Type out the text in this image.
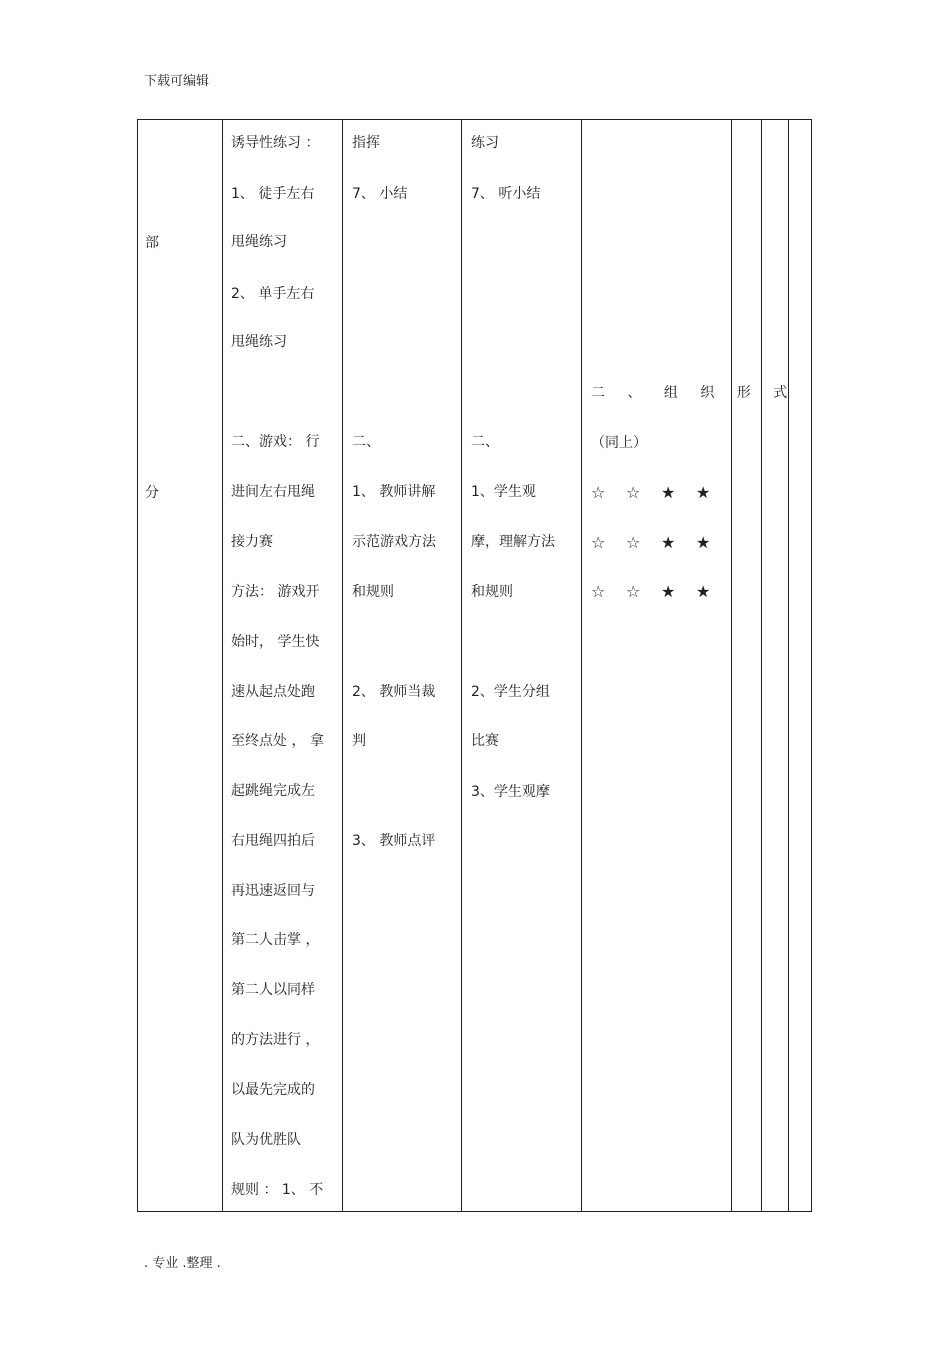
下载可编辑
部
分
诱导性练习 ：
1、 徒手左右
甩绳练习
2、 单手左右
甩绳练习
二、游戏： 行
进间左右甩绳
接力赛
方法： 游戏开
始时， 学生快
速从起点处跑
至终点处 ， 拿
起跳绳完成左
右甩绳四拍后
再迅速返回与
第二人击掌 ，
第二人以同样
的方法进行 ，
以最先完成的
队为优胜队
规则 ： 1、 不
指挥
7、 小结
二、
1、 教师讲解
示范游戏方法
和规则
2、 教师当裁
判
3、 教师点评
练习
7、 听小结
二、
1、学生观
摩，理解方法
和规则
2、学生分组
比赛
3、学生观摩
二 、 组 织 形 式
（同上）
☆ ☆ ★ ★
☆ ☆ ★ ★
☆ ☆ ★ ★
. 专业 .整理 .
